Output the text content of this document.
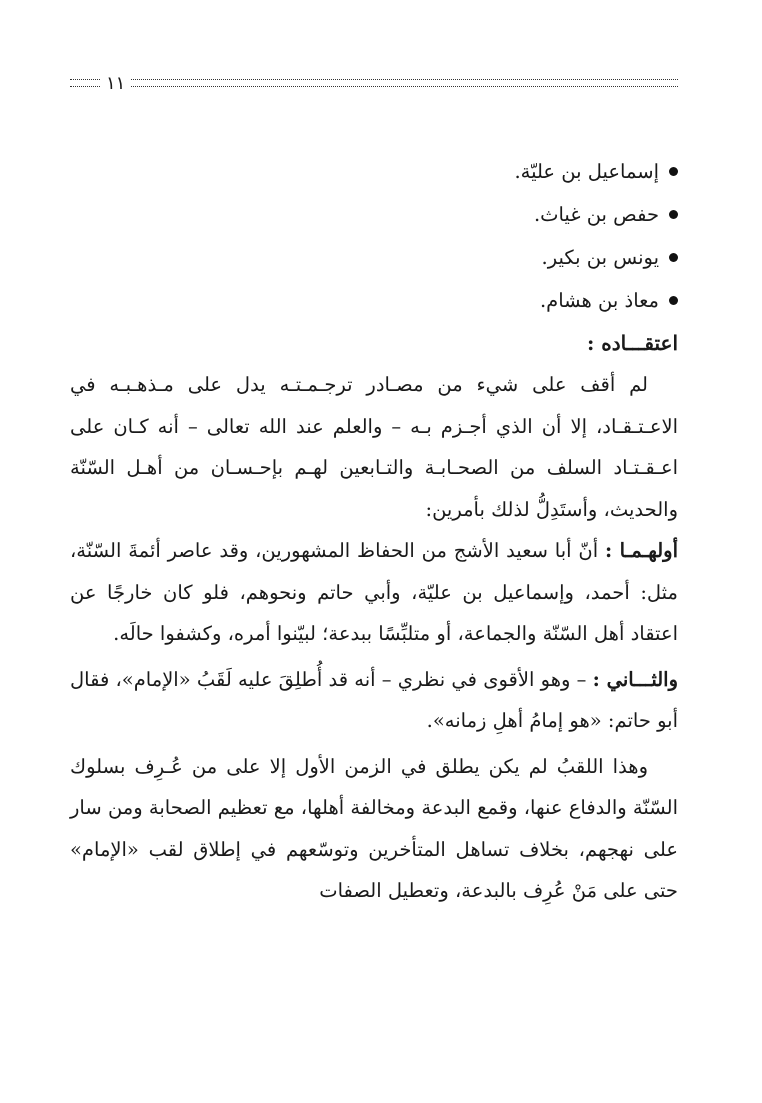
١١
إسماعيل بن عليّة.
حفص بن غياث.
يونس بن بكير.
معاذ بن هشام.
اعتقـــاده :

لم أقف على شيء من مصـادر ترجـمـتـه يدل على مـذهـبـه في الاعـتـقـاد، إلا أن الذي أجـزم بـه – والعلم عند الله تعالى – أنه كـان على اعـقـتـاد السلف من الصحـابـة والتـابعين لهـم بإحـسـان من أهـل السّنّة والحديث، وأستَدِلُّ لذلك بأمرين:

أولهـمـا : أنّ أبا سعيد الأشج من الحفاظ المشهورين، وقد عاصر أئمةَ السّنّة، مثل: أحمد، وإسماعيل بن عليّة، وأبي حاتم ونحوهم، فلو كان خارجًا عن اعتقاد أهل السّنّة والجماعة، أو متلبِّسًا ببدعة؛ لبيّنوا أمره، وكشفوا حالَه.

والثـــاني : – وهو الأقوى في نظري – أنه قد أُطلِقَ عليه لَقَبُ «الإمام»، فقال أبو حاتم: «هو إمامُ أهلِ زمانه».

وهذا اللقبُ لم يكن يطلق في الزمن الأول إلا على من عُـرِف بسلوك السّنّة والدفاع عنها، وقمع البدعة ومخالفة أهلها، مع تعظيم الصحابة ومن سار على نهجهم، بخلاف تساهل المتأخرين وتوسّعهم في إطلاق لقب «الإمام» حتى على مَنْ عُرِف بالبدعة، وتعطيل الصفات
